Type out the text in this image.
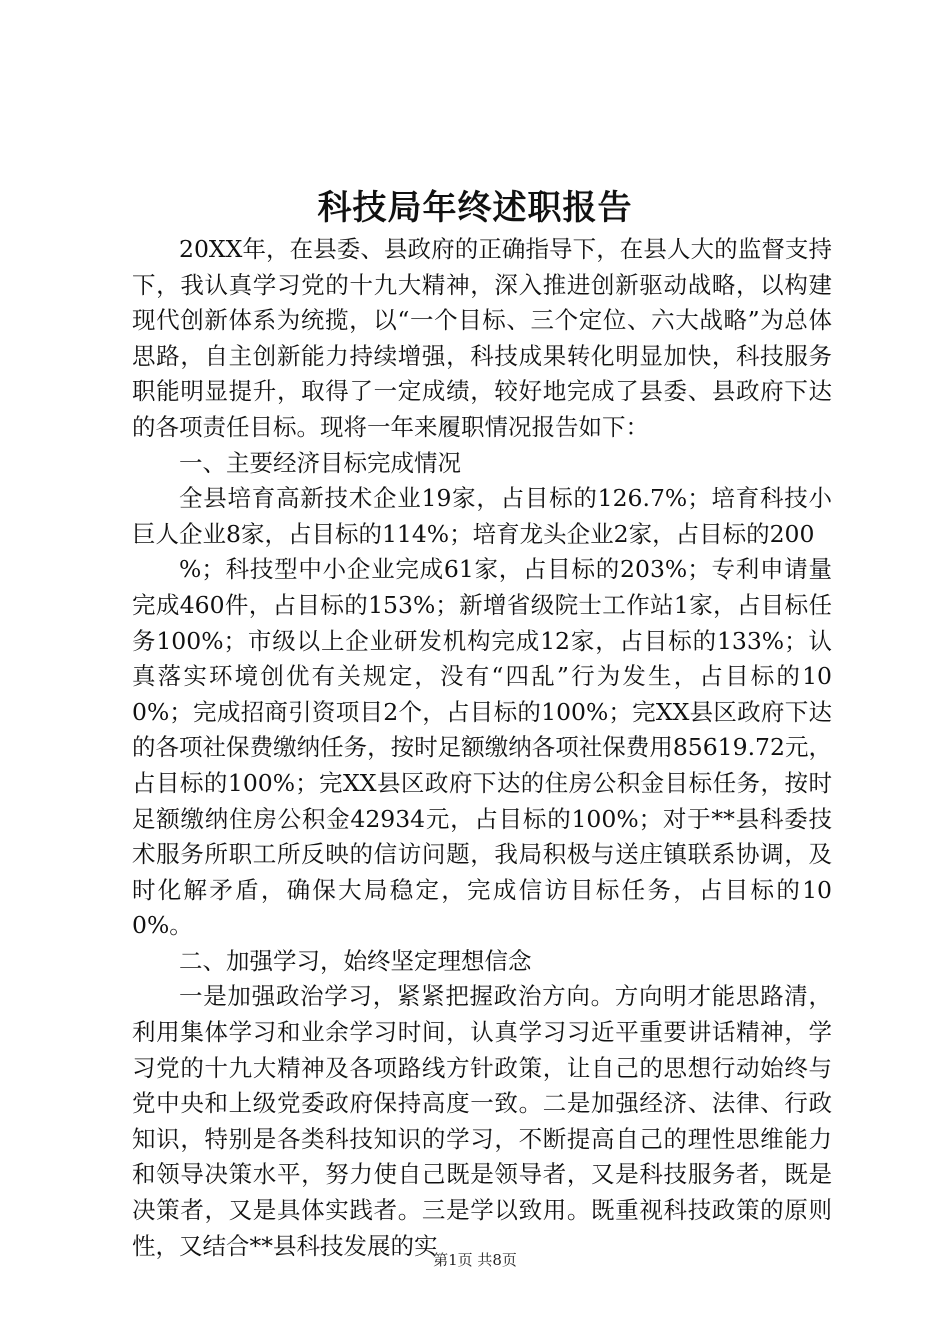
科技局年终述职报告

20XX年，在县委、县政府的正确指导下，在县人大的监督支持下，我认真学习党的十九大精神，深入推进创新驱动战略，以构建现代创新体系为统揽，以“一个目标、三个定位、六大战略”为总体思路，自主创新能力持续增强，科技成果转化明显加快，科技服务职能明显提升，取得了一定成绩，较好地完成了县委、县政府下达的各项责任目标。现将一年来履职情况报告如下：

一、主要经济目标完成情况

全县培育高新技术企业19家，占目标的126.7%；培育科技小巨人企业8家，占目标的114%；培育龙头企业2家，占目标的200

%；科技型中小企业完成61家，占目标的203%；专利申请量完成460件，占目标的153%；新增省级院士工作站1家，占目标任务100%；市级以上企业研发机构完成12家，占目标的133%；认真落实环境创优有关规定，没有“四乱”行为发生，占目标的100%；完成招商引资项目2个，占目标的100%；完XX县区政府下达的各项社保费缴纳任务，按时足额缴纳各项社保费用85619.72元，占目标的100%；完XX县区政府下达的住房公积金目标任务，按时足额缴纳住房公积金42934元，占目标的100%；对于**县科委技术服务所职工所反映的信访问题，我局积极与送庄镇联系协调，及时化解矛盾，确保大局稳定，完成信访目标任务，占目标的100%。

二、加强学习，始终坚定理想信念

一是加强政治学习，紧紧把握政治方向。方向明才能思路清，利用集体学习和业余学习时间，认真学习习近平重要讲话精神，学习党的十九大精神及各项路线方针政策，让自己的思想行动始终与党中央和上级党委政府保持高度一致。二是加强经济、法律、行政知识，特别是各类科技知识的学习，不断提高自己的理性思维能力和领导决策水平，努力使自己既是领导者，又是科技服务者，既是决策者，又是具体实践者。三是学以致用。既重视科技政策的原则性，又结合**县科技发展的实

第1页 共8页
